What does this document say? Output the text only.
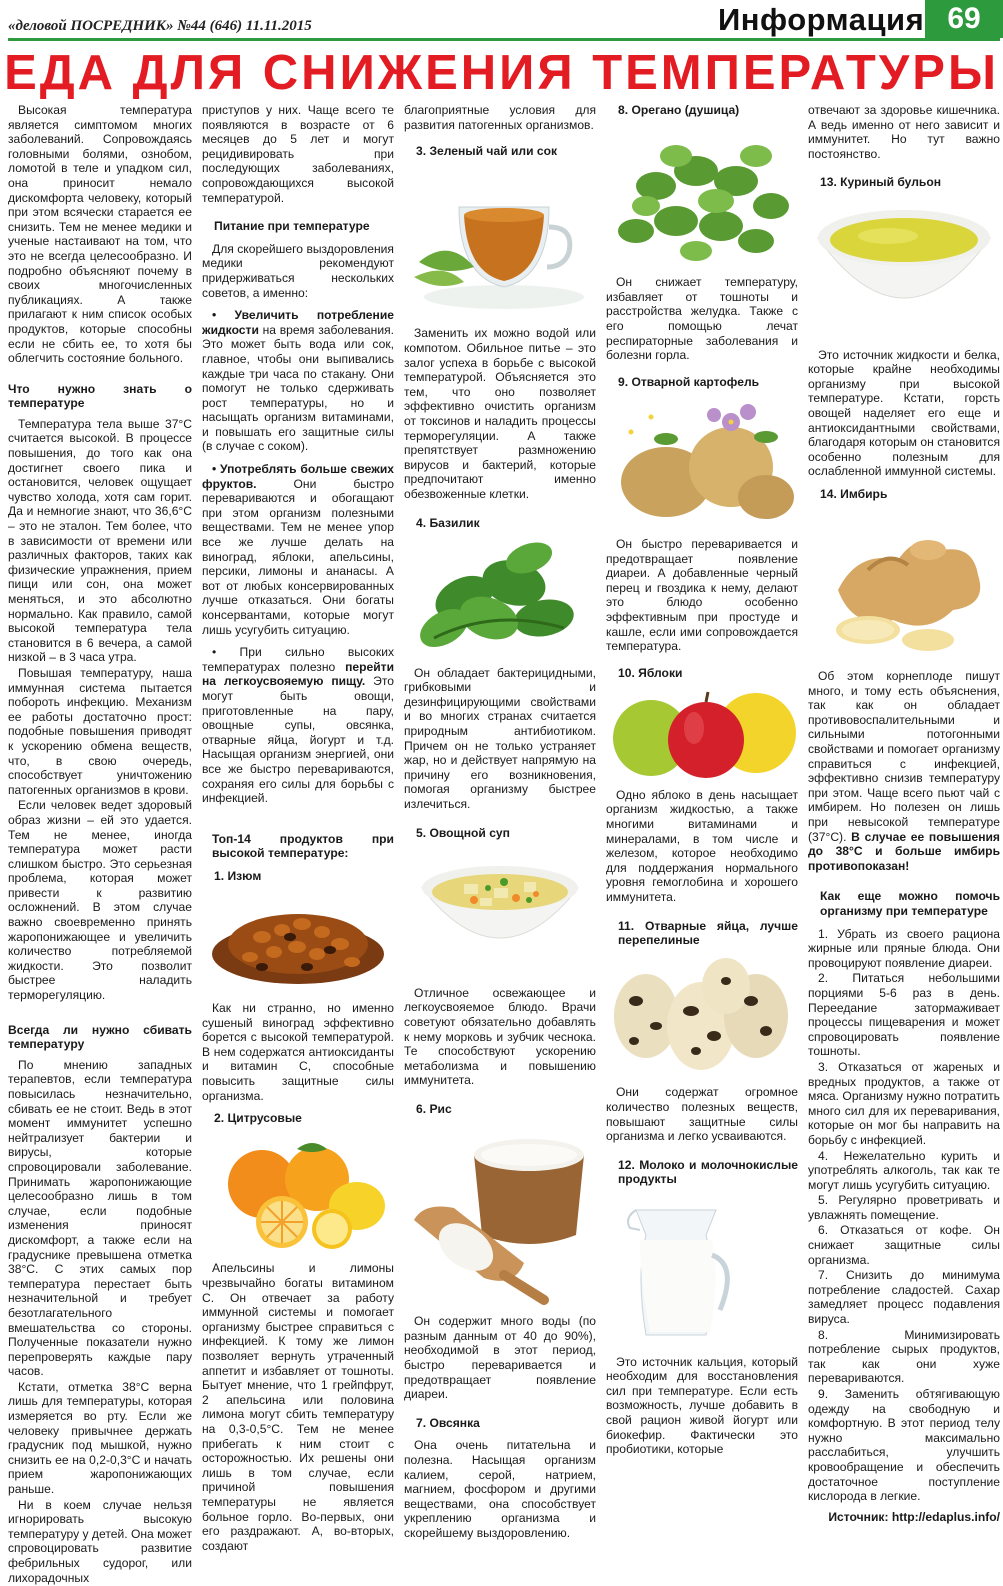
«деловой ПОСРЕДНИК» №44 (646) 11.11.2015	Информация 69
ЕДА ДЛЯ СНИЖЕНИЯ ТЕМПЕРАТУРЫ

Высокая температура является симптомом многих заболеваний. Сопровождаясь головными болями, ознобом, ломотой в теле и упадком сил, она приносит немало дискомфорта человеку, который при этом всячески старается ее снизить. Тем не менее медики и ученые настаивают на том, что это не всегда целесообразно. И подробно объясняют почему в своих многочисленных публикациях. А также прилагают к ним список особых продуктов, которые способны если не сбить ее, то хотя бы облегчить состояние больного.

Что нужно знать о температуре

Температура тела выше 37°С считается высокой. В процессе повышения, до того как она достигнет своего пика и остановится, человек ощущает чувство холода, хотя сам горит. Да и немногие знают, что 36,6°С – это не эталон. Тем более, что в зависимости от времени или различных факторов, таких как физические упражнения, прием пищи или сон, она может меняться, и это абсолютно нормально. Как правило, самой высокой температура тела становится в 6 вечера, а самой низкой – в 3 часа утра.

Повышая температуру, наша иммунная система пытается побороть инфекцию. Механизм ее работы достаточно прост: подобные повышения приводят к ускорению обмена веществ, что, в свою очередь, способствует уничтожению патогенных организмов в крови.

Если человек ведет здоровый образ жизни – ей это удается. Тем не менее, иногда температура может расти слишком быстро. Это серьезная проблема, которая может привести к развитию осложнений. В этом случае важно своевременно принять жаропонижающее и увеличить количество потребляемой жидкости. Это позволит быстрее наладить терморегуляцию.

Всегда ли нужно сбивать температуру

По мнению западных терапевтов, если температура повысилась незначительно, сбивать ее не стоит. Ведь в этот момент иммунитет успешно нейтрализует бактерии и вирусы, которые спровоцировали заболевание. Принимать жаропонижающие целесообразно лишь в том случае, если подобные изменения приносят дискомфорт, а также если на градуснике превышена отметка 38°С. С этих самых пор температура перестает быть незначительной и требует безотлагательного вмешательства со стороны. Полученные показатели нужно перепроверять каждые пару часов.

Кстати, отметка 38°С верна лишь для температуры, которая измеряется во рту. Если же человеку привычнее держать градусник под мышкой, нужно снизить ее на 0,2-0,3°С и начать прием жаропонижающих раньше.

Ни в коем случае нельзя игнорировать высокую температуру у детей. Она может спровоцировать развитие фебрильных судорог, или лихорадочных

приступов у них. Чаще всего те появляются в возрасте от 6 месяцев до 5 лет и могут рецидивировать при последующих заболеваниях, сопровождающихся высокой температурой.

Питание при температуре

Для скорейшего выздоровления медики рекомендуют придерживаться нескольких советов, а именно:

• Увеличить потребление жидкости на время заболевания. Это может быть вода или сок, главное, чтобы они выпивались каждые три часа по стакану. Они помогут не только сдерживать рост температуры, но и насыщать организм витаминами, и повышать его защитные силы (в случае с соком).

• Употреблять больше свежих фруктов. Они быстро перевариваются и обогащают при этом организм полезными веществами. Тем не менее упор все же лучше делать на виноград, яблоки, апельсины, персики, лимоны и ананасы. А вот от любых консервированных лучше отказаться. Они богаты консервантами, которые могут лишь усугубить ситуацию.

• При сильно высоких температурах полезно перейти на легкоусвояемую пищу. Это могут быть овощи, приготовленные на пару, овощные супы, овсянка, отварные яйца, йогурт и т.д. Насыщая организм энергией, они все же быстро перевариваются, сохраняя его силы для борьбы с инфекцией.

Топ-14 продуктов при высокой температуре:
1. Изюм

Как ни странно, но именно сушеный виноград эффективно борется с высокой температурой. В нем содержатся антиоксиданты и витамин С, способные повысить защитные силы организма.

2. Цитрусовые

Апельсины и лимоны чрезвычайно богаты витамином С. Он отвечает за работу иммунной системы и помогает организму быстрее справиться с инфекцией. К тому же лимон позволяет вернуть утраченный аппетит и избавляет от тошноты. Бытует мнение, что 1 грейпфрут, 2 апельсина или половина лимона могут сбить температуру на 0,3-0,5°С. Тем не менее прибегать к ним стоит с осторожностью. Их решены они лишь в том случае, если причиной повышения температуры не является больное горло. Во-первых, они его раздражают. А, во-вторых, создают

благоприятные условия для развития патогенных организмов.

3. Зеленый чай или сок

Заменить их можно водой или компотом. Обильное питье – это залог успеха в борьбе с высокой температурой. Объясняется это тем, что оно позволяет эффективно очистить организм от токсинов и наладить процессы терморегуляции. А также препятствует размножению вирусов и бактерий, которые предпочитают именно обезвоженные клетки.

4. Базилик

Он обладает бактерицидными, грибковыми и дезинфицирующими свойствами и во многих странах считается природным антибиотиком. Причем он не только устраняет жар, но и действует напрямую на причину его возникновения, помогая организму быстрее излечиться.

5. Овощной суп

Отличное освежающее и легкоусвояемое блюдо. Врачи советуют обязательно добавлять к нему морковь и зубчик чеснока. Те способствуют ускорению метаболизма и повышению иммунитета.

6. Рис

Он содержит много воды (по разным данным от 40 до 90%), необходимой в этот период, быстро переваривается и предотвращает появление диареи.

7. Овсянка

Она очень питательна и полезна. Насыщая организм калием, серой, натрием, магнием, фосфором и другими веществами, она способствует укреплению организма и скорейшему выздоровлению.

8. Орегано (душица)

Он снижает температуру, избавляет от тошноты и расстройства желудка. Также с его помощью лечат респираторные заболевания и болезни горла.

9. Отварной картофель

Он быстро переваривается и предотвращает появление диареи. А добавленные черный перец и гвоздика к нему, делают это блюдо особенно эффективным при простуде и кашле, если ими сопровождается температура.

10. Яблоки

Одно яблоко в день насыщает организм жидкостью, а также многими витаминами и минералами, в том числе и железом, которое необходимо для поддержания нормального уровня гемоглобина и хорошего иммунитета.

11. Отварные яйца, лучше перепелиные

Они содержат огромное количество полезных веществ, повышают защитные силы организма и легко усваиваются.

12. Молоко и молочнокислые продукты

Это источник кальция, который необходим для восстановления сил при температуре. Если есть возможность, лучше добавить в свой рацион живой йогурт или биокефир. Фактически это пробиотики, которые

отвечают за здоровье кишечника. А ведь именно от него зависит и иммунитет. Но тут важно постоянство.

13. Куриный бульон

Это источник жидкости и белка, которые крайне необходимы организму при высокой температуре. Кстати, горсть овощей наделяет его еще и антиоксидантными свойствами, благодаря которым он становится особенно полезным для ослабленной иммунной системы.

14. Имбирь

Об этом корнеплоде пишут много, и тому есть объяснения, так как он обладает противовоспалительными и сильными потогонными свойствами и помогает организму справиться с инфекцией, эффективно снизив температуру при этом. Чаще всего пьют чай с имбирем. Но полезен он лишь при невысокой температуре (37°С). В случае ее повышения до 38°С и больше имбирь противопоказан!

Как еще можно помочь организму при температуре

1. Убрать из своего рациона жирные или пряные блюда. Они провоцируют появление диареи.

2. Питаться небольшими порциями 5-6 раз в день. Переедание затормаживает процессы пищеварения и может спровоцировать появление тошноты.

3. Отказаться от жареных и вредных продуктов, а также от мяса. Организму нужно потратить много сил для их переваривания, которые он мог бы направить на борьбу с инфекцией.

4. Нежелательно курить и употреблять алкоголь, так как те могут лишь усугубить ситуацию.

5. Регулярно проветривать и увлажнять помещение.

6. Отказаться от кофе. Он снижает защитные силы организма.

7. Снизить до минимума потребление сладостей. Сахар замедляет процесс подавления вируса.

8. Минимизировать потребление сырых продуктов, так как они хуже перевариваются.

9. Заменить обтягивающую одежду на свободную и комфортную. В этот период телу нужно максимально расслабиться, улучшить кровообращение и обеспечить достаточное поступление кислорода в легкие.

Источник: http://edaplus.info/
